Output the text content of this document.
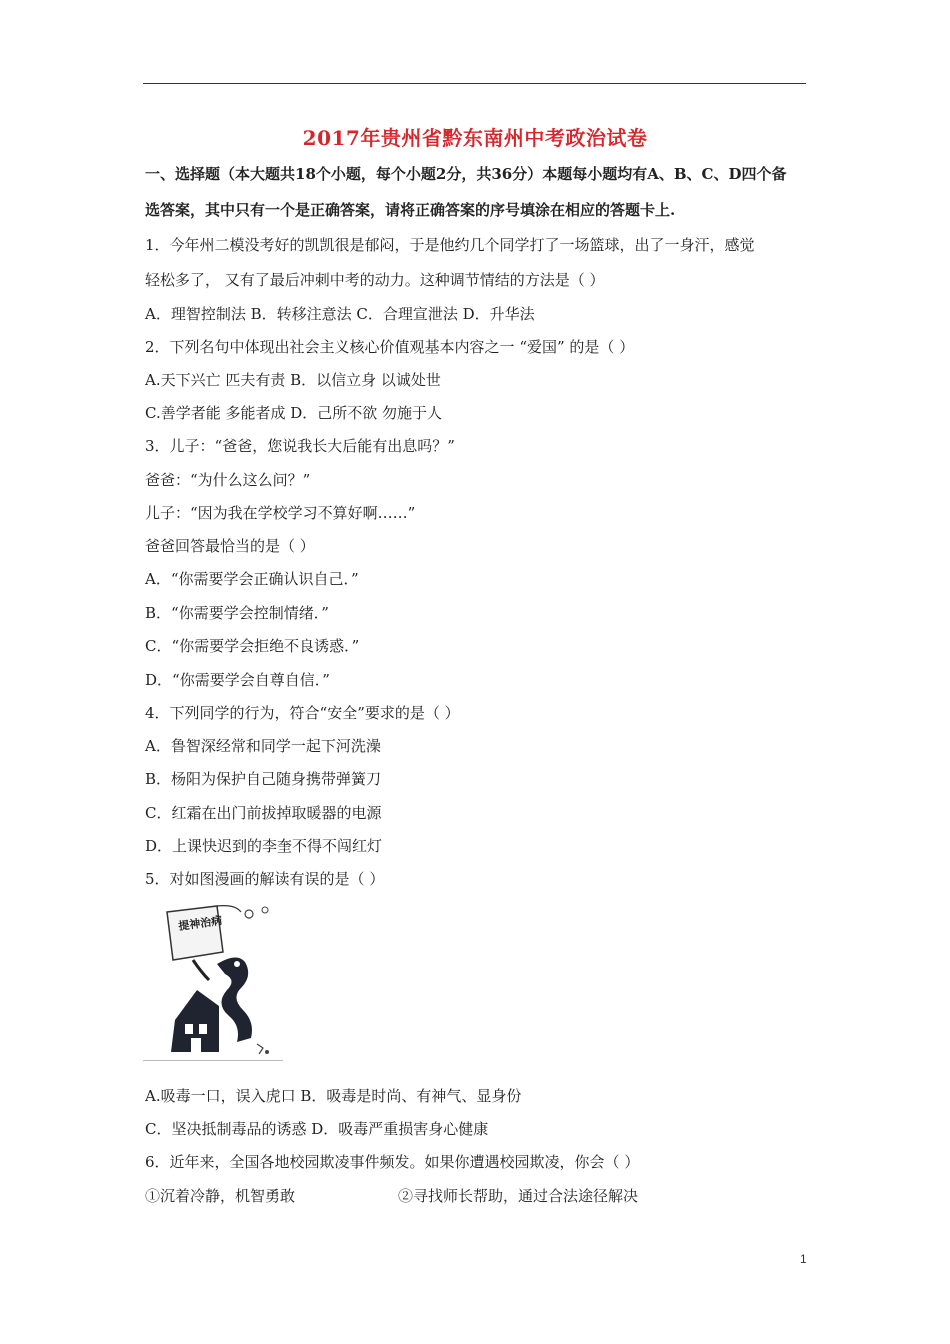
2017年贵州省黔东南州中考政治试卷
一、选择题（本大题共18个小题，每个小题2分，共36分）本题每小题均有A、B、C、D四个备
选答案，其中只有一个是正确答案，请将正确答案的序号填涂在相应的答题卡上.
1．今年州二模没考好的凯凯很是郁闷，于是他约几个同学打了一场篮球，出了一身汗，感觉
轻松多了， 又有了最后冲刺中考的动力。这种调节情结的方法是（ ）
A．理智控制法 B．转移注意法 C．合理宣泄法 D．升华法
2．下列名句中体现出社会主义核心价值观基本内容之一 “爱国” 的是（ ）
A.天下兴亡 匹夫有责 B．以信立身 以诚处世
C.善学者能 多能者成 D．己所不欲 勿施于人
3．儿子：“爸爸，您说我长大后能有出息吗？”
爸爸：“为什么这么问？”
儿子：“因为我在学校学习不算好啊……”
爸爸回答最恰当的是（ ）
A．“你需要学会正确认识自己．”
B．“你需要学会控制情绪．”
C．“你需要学会拒绝不良诱惑．”
D．“你需要学会自尊自信．”
4．下列同学的行为，符合“安全”要求的是（ ）
A．鲁智深经常和同学一起下河洗澡
B．杨阳为保护自己随身携带弹簧刀
C．红霜在出门前拔掉取暖器的电源
D．上课快迟到的李奎不得不闯红灯
5．对如图漫画的解读有误的是（ ）
提神治病
A.吸毒一口，误入虎口 B．吸毒是时尚、有神气、显身份
C．坚决抵制毒品的诱惑 D．吸毒严重损害身心健康
6．近年来，全国各地校园欺凌事件频发。如果你遭遇校园欺凌，你会（ ）
①沉着冷静，机智勇敢	②寻找师长帮助，通过合法途径解决
1
